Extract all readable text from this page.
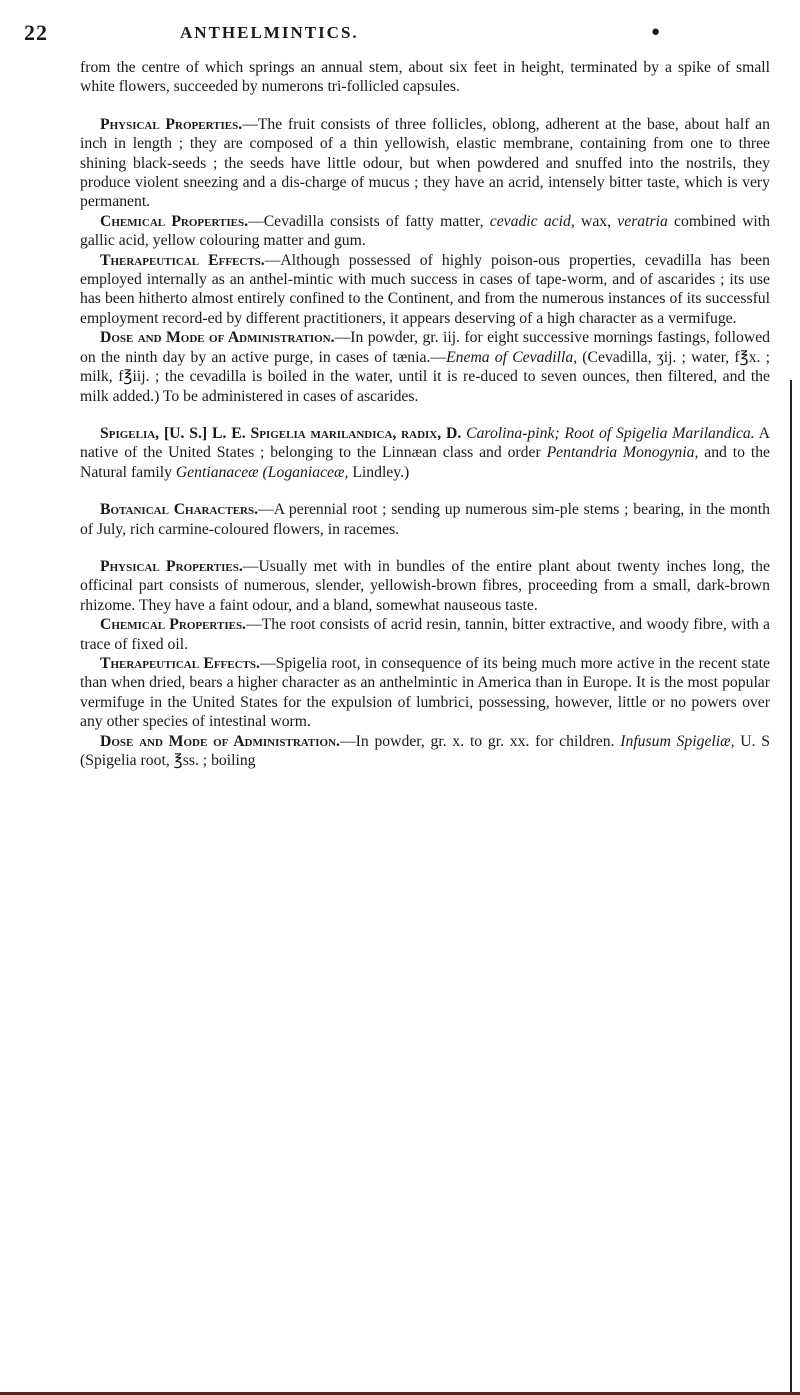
22	ANTHELMINTICS.	●

from the centre of which springs an annual stem, about six feet in height, terminated by a spike of small white flowers, succeeded by numerons tri-follicled capsules.

Physical Properties.—The fruit consists of three follicles, oblong, adherent at the base, about half an inch in length ; they are composed of a thin yellowish, elastic membrane, containing from one to three shining black-seeds ; the seeds have little odour, but when powdered and snuffed into the nostrils, they produce violent sneezing and a dis-charge of mucus ; they have an acrid, intensely bitter taste, which is very permanent.

Chemical Properties.—Cevadilla consists of fatty matter, cevadic acid, wax, veratria combined with gallic acid, yellow colouring matter and gum.

Therapeutical Effects.—Although possessed of highly poison-ous properties, cevadilla has been employed internally as an anthel-mintic with much success in cases of tape-worm, and of ascarides ; its use has been hitherto almost entirely confined to the Continent, and from the numerous instances of its successful employment record-ed by different practitioners, it appears deserving of a high character as a vermifuge.

Dose and Mode of Administration.—In powder, gr. iij. for eight successive mornings fastings, followed on the ninth day by an active purge, in cases of tænia.—Enema of Cevadilla, (Cevadilla, ʒij. ; water, f℥x. ; milk, f℥iij. ; the cevadilla is boiled in the water, until it is re-duced to seven ounces, then filtered, and the milk added.) To be administered in cases of ascarides.

Spigelia, [U. S.] L. E. Spigelia marilandica, radix, D. Carolina-pink; Root of Spigelia Marilandica. A native of the United States ; belonging to the Linnæan class and order Pentandria Monogynia, and to the Natural family Gentianaceæ (Loganiaceæ, Lindley.)

Botanical Characters.—A perennial root ; sending up numerous sim-ple stems ; bearing, in the month of July, rich carmine-coloured flowers, in racemes.

Physical Properties.—Usually met with in bundles of the entire plant about twenty inches long, the officinal part consists of numerous, slender, yellowish-brown fibres, proceeding from a small, dark-brown rhizome. They have a faint odour, and a bland, somewhat nauseous taste.

Chemical Properties.—The root consists of acrid resin, tannin, bitter extractive, and woody fibre, with a trace of fixed oil.

Therapeutical Effects.—Spigelia root, in consequence of its being much more active in the recent state than when dried, bears a higher character as an anthelmintic in America than in Europe. It is the most popular vermifuge in the United States for the expulsion of lumbrici, possessing, however, little or no powers over any other species of intestinal worm.

Dose and Mode of Administration.—In powder, gr. x. to gr. xx. for children. Infusum Spigeliæ, U. S (Spigelia root, ℥ss. ; boiling
